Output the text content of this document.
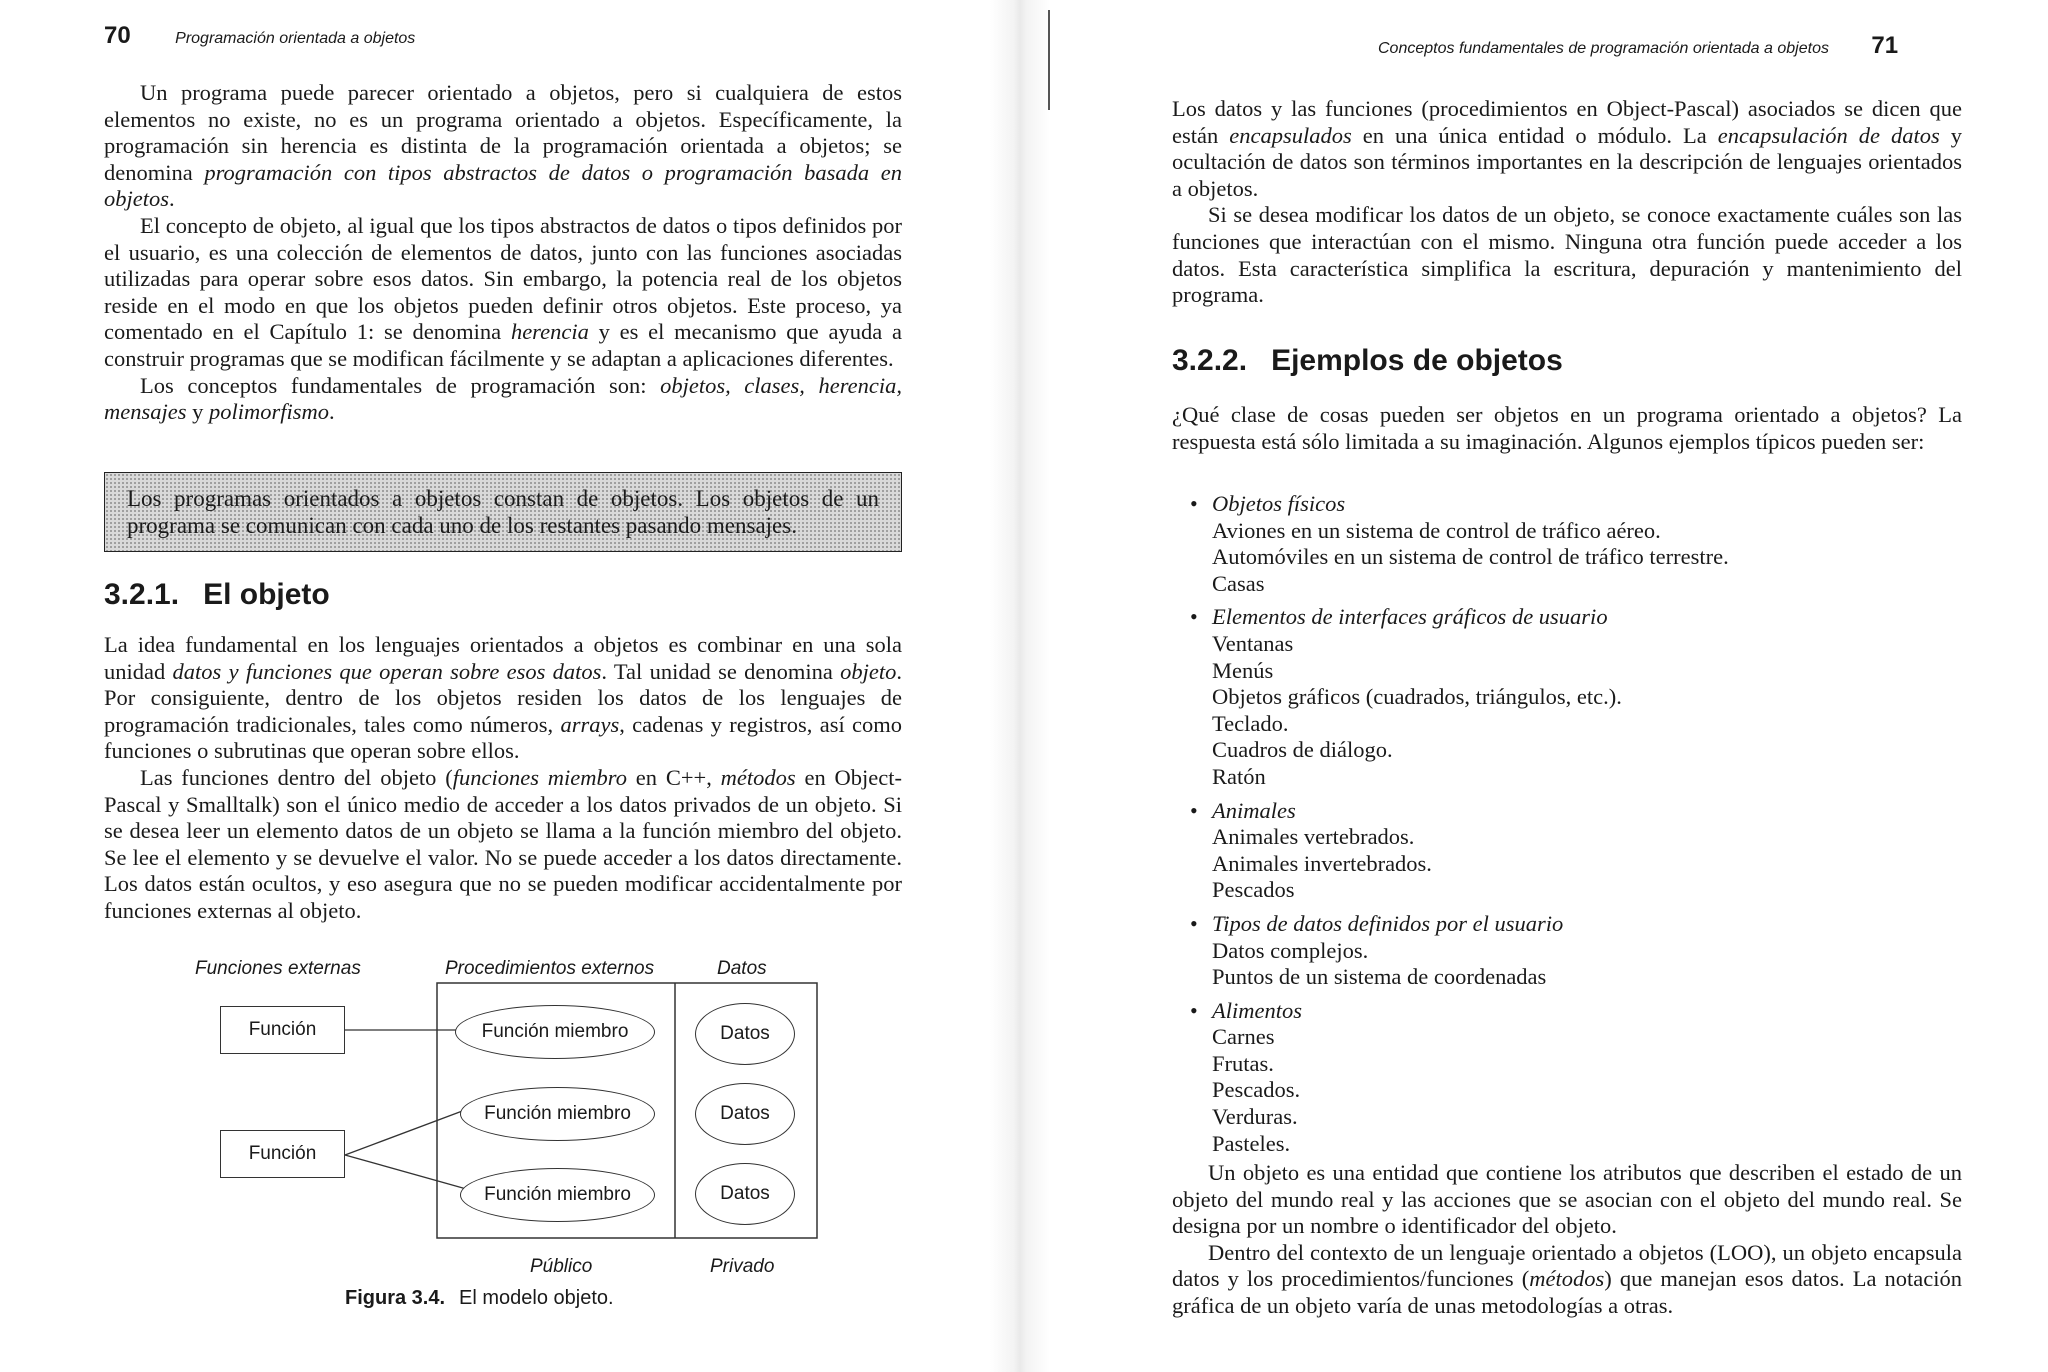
70	Programación orientada a objetos

Un programa puede parecer orientado a objetos, pero si cualquiera de estos elementos no existe, no es un programa orientado a objetos. Específicamente, la programación sin herencia es distinta de la programación orientada a objetos; se denomina programación con tipos abstractos de datos o programación basada en objetos.

El concepto de objeto, al igual que los tipos abstractos de datos o tipos definidos por el usuario, es una colección de elementos de datos, junto con las funciones asociadas utilizadas para operar sobre esos datos. Sin embargo, la potencia real de los objetos reside en el modo en que los objetos pueden definir otros objetos. Este proceso, ya comentado en el Capítulo 1: se denomina herencia y es el mecanismo que ayuda a construir programas que se modifican fácilmente y se adaptan a aplicaciones diferentes.

Los conceptos fundamentales de programación son: objetos, clases, herencia, mensajes y polimorfismo.

Los programas orientados a objetos constan de objetos. Los objetos de un programa se comunican con cada uno de los restantes pasando mensajes.
3.2.1. El objeto

La idea fundamental en los lenguajes orientados a objetos es combinar en una sola unidad datos y funciones que operan sobre esos datos. Tal unidad se denomina objeto. Por consiguiente, dentro de los objetos residen los datos de los lenguajes de programación tradicionales, tales como números, arrays, cadenas y registros, así como funciones o subrutinas que operan sobre ellos.

Las funciones dentro del objeto (funciones miembro en C++, métodos en Object-Pascal y Smalltalk) son el único medio de acceder a los datos privados de un objeto. Si se desea leer un elemento datos de un objeto se llama a la función miembro del objeto. Se lee el elemento y se devuelve el valor. No se puede acceder a los datos directamente. Los datos están ocultos, y eso asegura que no se pueden modificar accidentalmente por funciones externas al objeto.

Funciones externas	Procedimientos externos	Datos
Función
Función
Función miembro
Función miembro
Función miembro
Datos
Datos
Datos
Público	Privado
Figura 3.4. El modelo objeto.
Conceptos fundamentales de programación orientada a objetos 71

Los datos y las funciones (procedimientos en Object-Pascal) asociados se dicen que están encapsulados en una única entidad o módulo. La encapsulación de datos y ocultación de datos son términos importantes en la descripción de lenguajes orientados a objetos.

Si se desea modificar los datos de un objeto, se conoce exactamente cuáles son las funciones que interactúan con el mismo. Ninguna otra función puede acceder a los datos. Esta característica simplifica la escritura, depuración y mantenimiento del programa.

3.2.2. Ejemplos de objetos

¿Qué clase de cosas pueden ser objetos en un programa orientado a objetos? La respuesta está sólo limitada a su imaginación. Algunos ejemplos típicos pueden ser:

• Objetos físicos
Aviones en un sistema de control de tráfico aéreo.
Automóviles en un sistema de control de tráfico terrestre.
Casas
• Elementos de interfaces gráficos de usuario
Ventanas
Menús
Objetos gráficos (cuadrados, triángulos, etc.).
Teclado.
Cuadros de diálogo.
Ratón
• Animales
Animales vertebrados.
Animales invertebrados.
Pescados
• Tipos de datos definidos por el usuario
Datos complejos.
Puntos de un sistema de coordenadas
• Alimentos
Carnes
Frutas.
Pescados.
Verduras.
Pasteles.

Un objeto es una entidad que contiene los atributos que describen el estado de un objeto del mundo real y las acciones que se asocian con el objeto del mundo real. Se designa por un nombre o identificador del objeto.

Dentro del contexto de un lenguaje orientado a objetos (LOO), un objeto encapsula datos y los procedimientos/funciones (métodos) que manejan esos datos. La notación gráfica de un objeto varía de unas metodologías a otras.
